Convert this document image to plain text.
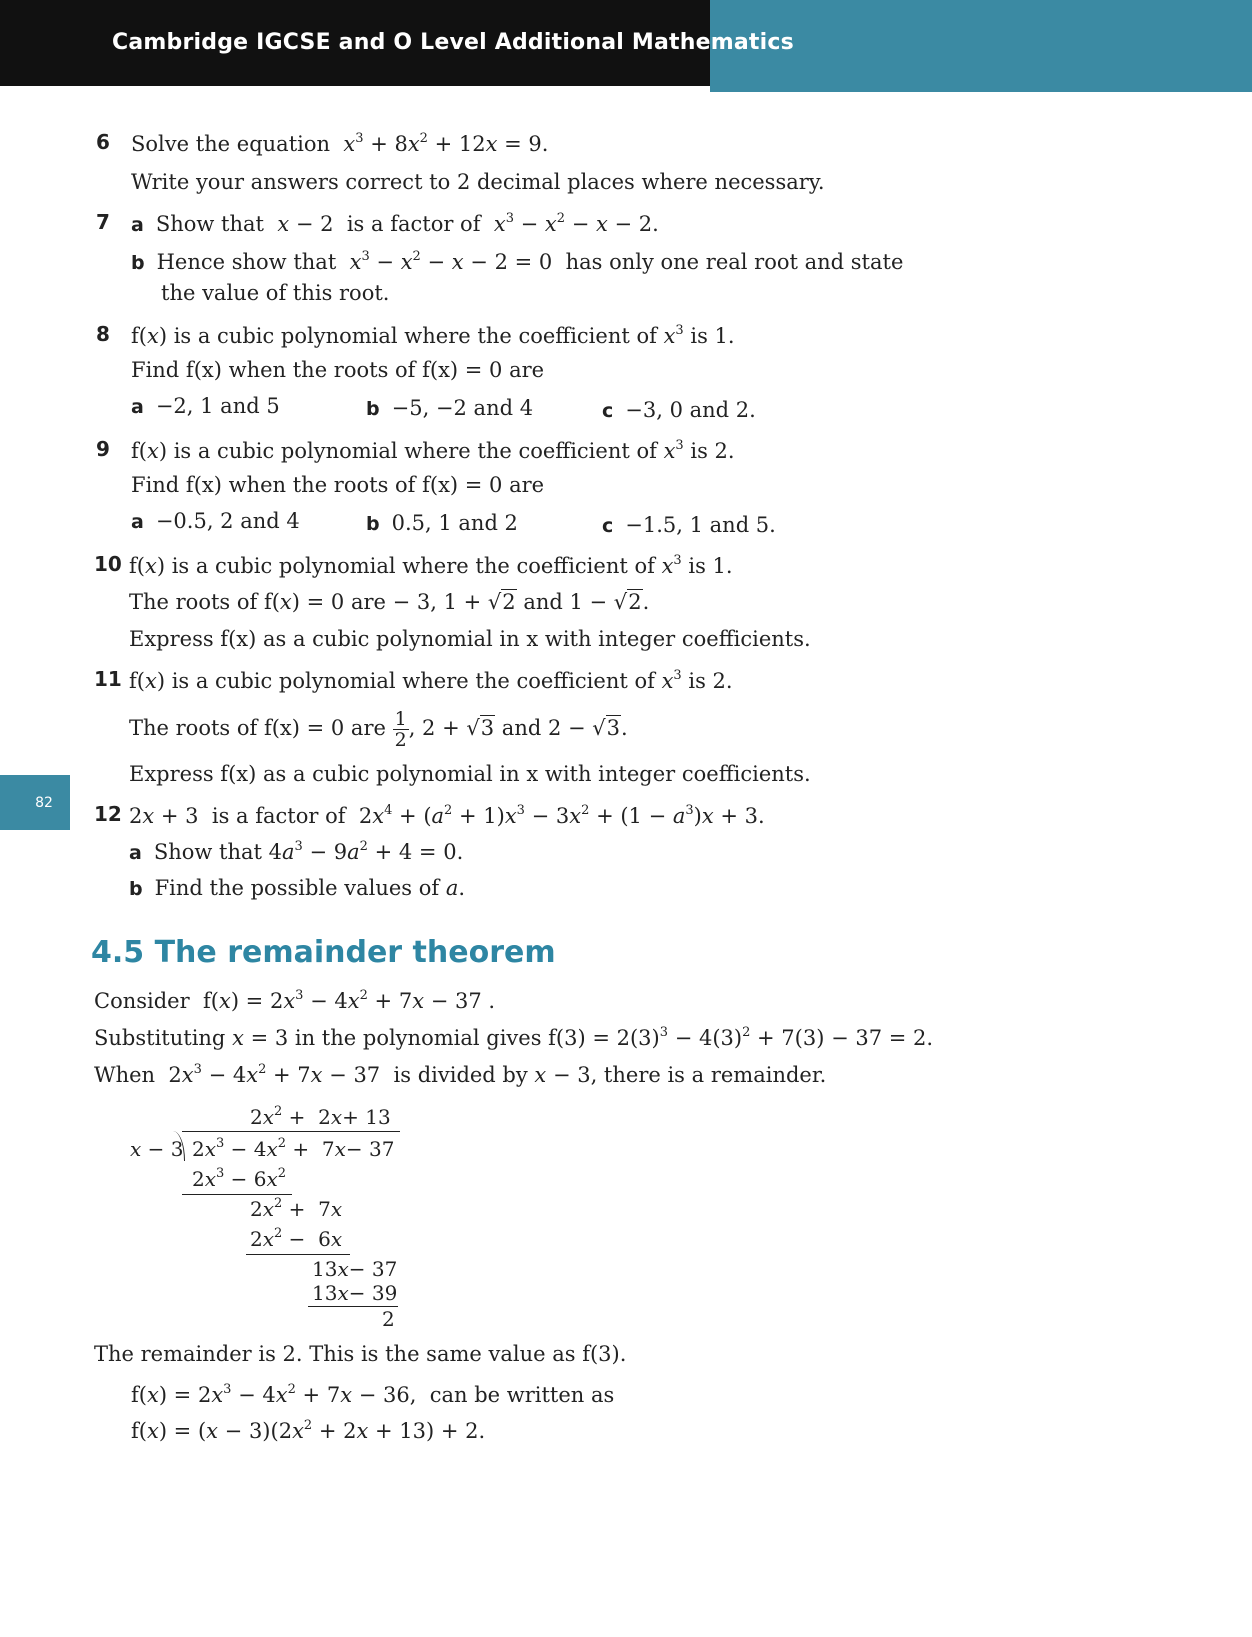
Cambridge IGCSE and O Level Additional Mathematics
82
6 Solve the equation $x^3 + 8x^2 + 12x = 9$.
Write your answers correct to 2 decimal places where necessary.
7 a Show that x − 2  is a factor of $x^3 - x^2 - x - 2$.
b Hence show that $x^3 - x^2 - x - 2 = 0$  has only one real root and state
the value of this root.
8 f(x) is a cubic polynomial where the coefficient of $x^3$ is 1.
Find f(x) when the roots of f(x) = 0 are
a −2, 1 and 5	b −5, −2 and 4	c −3, 0 and 2.
9 f(x) is a cubic polynomial where the coefficient of $x^3$ is 2.
Find f(x) when the roots of f(x) = 0 are
a −0.5, 2 and 4	b 0.5, 1 and 2	c −1.5, 1 and 5.
10 f(x) is a cubic polynomial where the coefficient of $x^3$ is 1.
The roots of f(x) = 0 are − 3, 1 + √2 and 1 − √2.
Express f(x) as a cubic polynomial in x with integer coefficients.
11 f(x) is a cubic polynomial where the coefficient of $x^3$ is 2.
The roots of f(x) = 0 are $\frac{1}{2}$ , 2 + √3 and 2 − √3.
Express f(x) as a cubic polynomial in x with integer coefficients.
12 2x + 3  is a factor of  $2x^4 + (a^2 + 1)x^3 - 3x^2 + (1 - a^3)x + 3$.
a Show that $4a^3 - 9a^2 + 4 = 0$.
b Find the possible values of a.
4.5 The remainder theorem
Consider  $f(x) = 2x^3 - 4x^2 + 7x - 37$ .
Substituting x = 3 in the polynomial gives $f(3) = 2(3)^3 - 4(3)^2 + 7(3) - 37 = 2$.
When  $2x^3 - 4x^2 + 7x - 37$  is divided by x − 3, there is a remainder.
$2x^2 + 2x+ 13$
x − 3 $2x^3 - 4x^2 + 7x- 37$
$2x^3 - 6x^2$
$2x^2 + 7x$
$2x^2 - 6x$
13x− 37
13x− 39
2
The remainder is 2. This is the same value as f(3).
$f(x) = 2x^3 - 4x^2 + 7x - 36$,  can be written as
$f(x) = (x - 3)(2x^2 + 2x + 13) + 2$.
